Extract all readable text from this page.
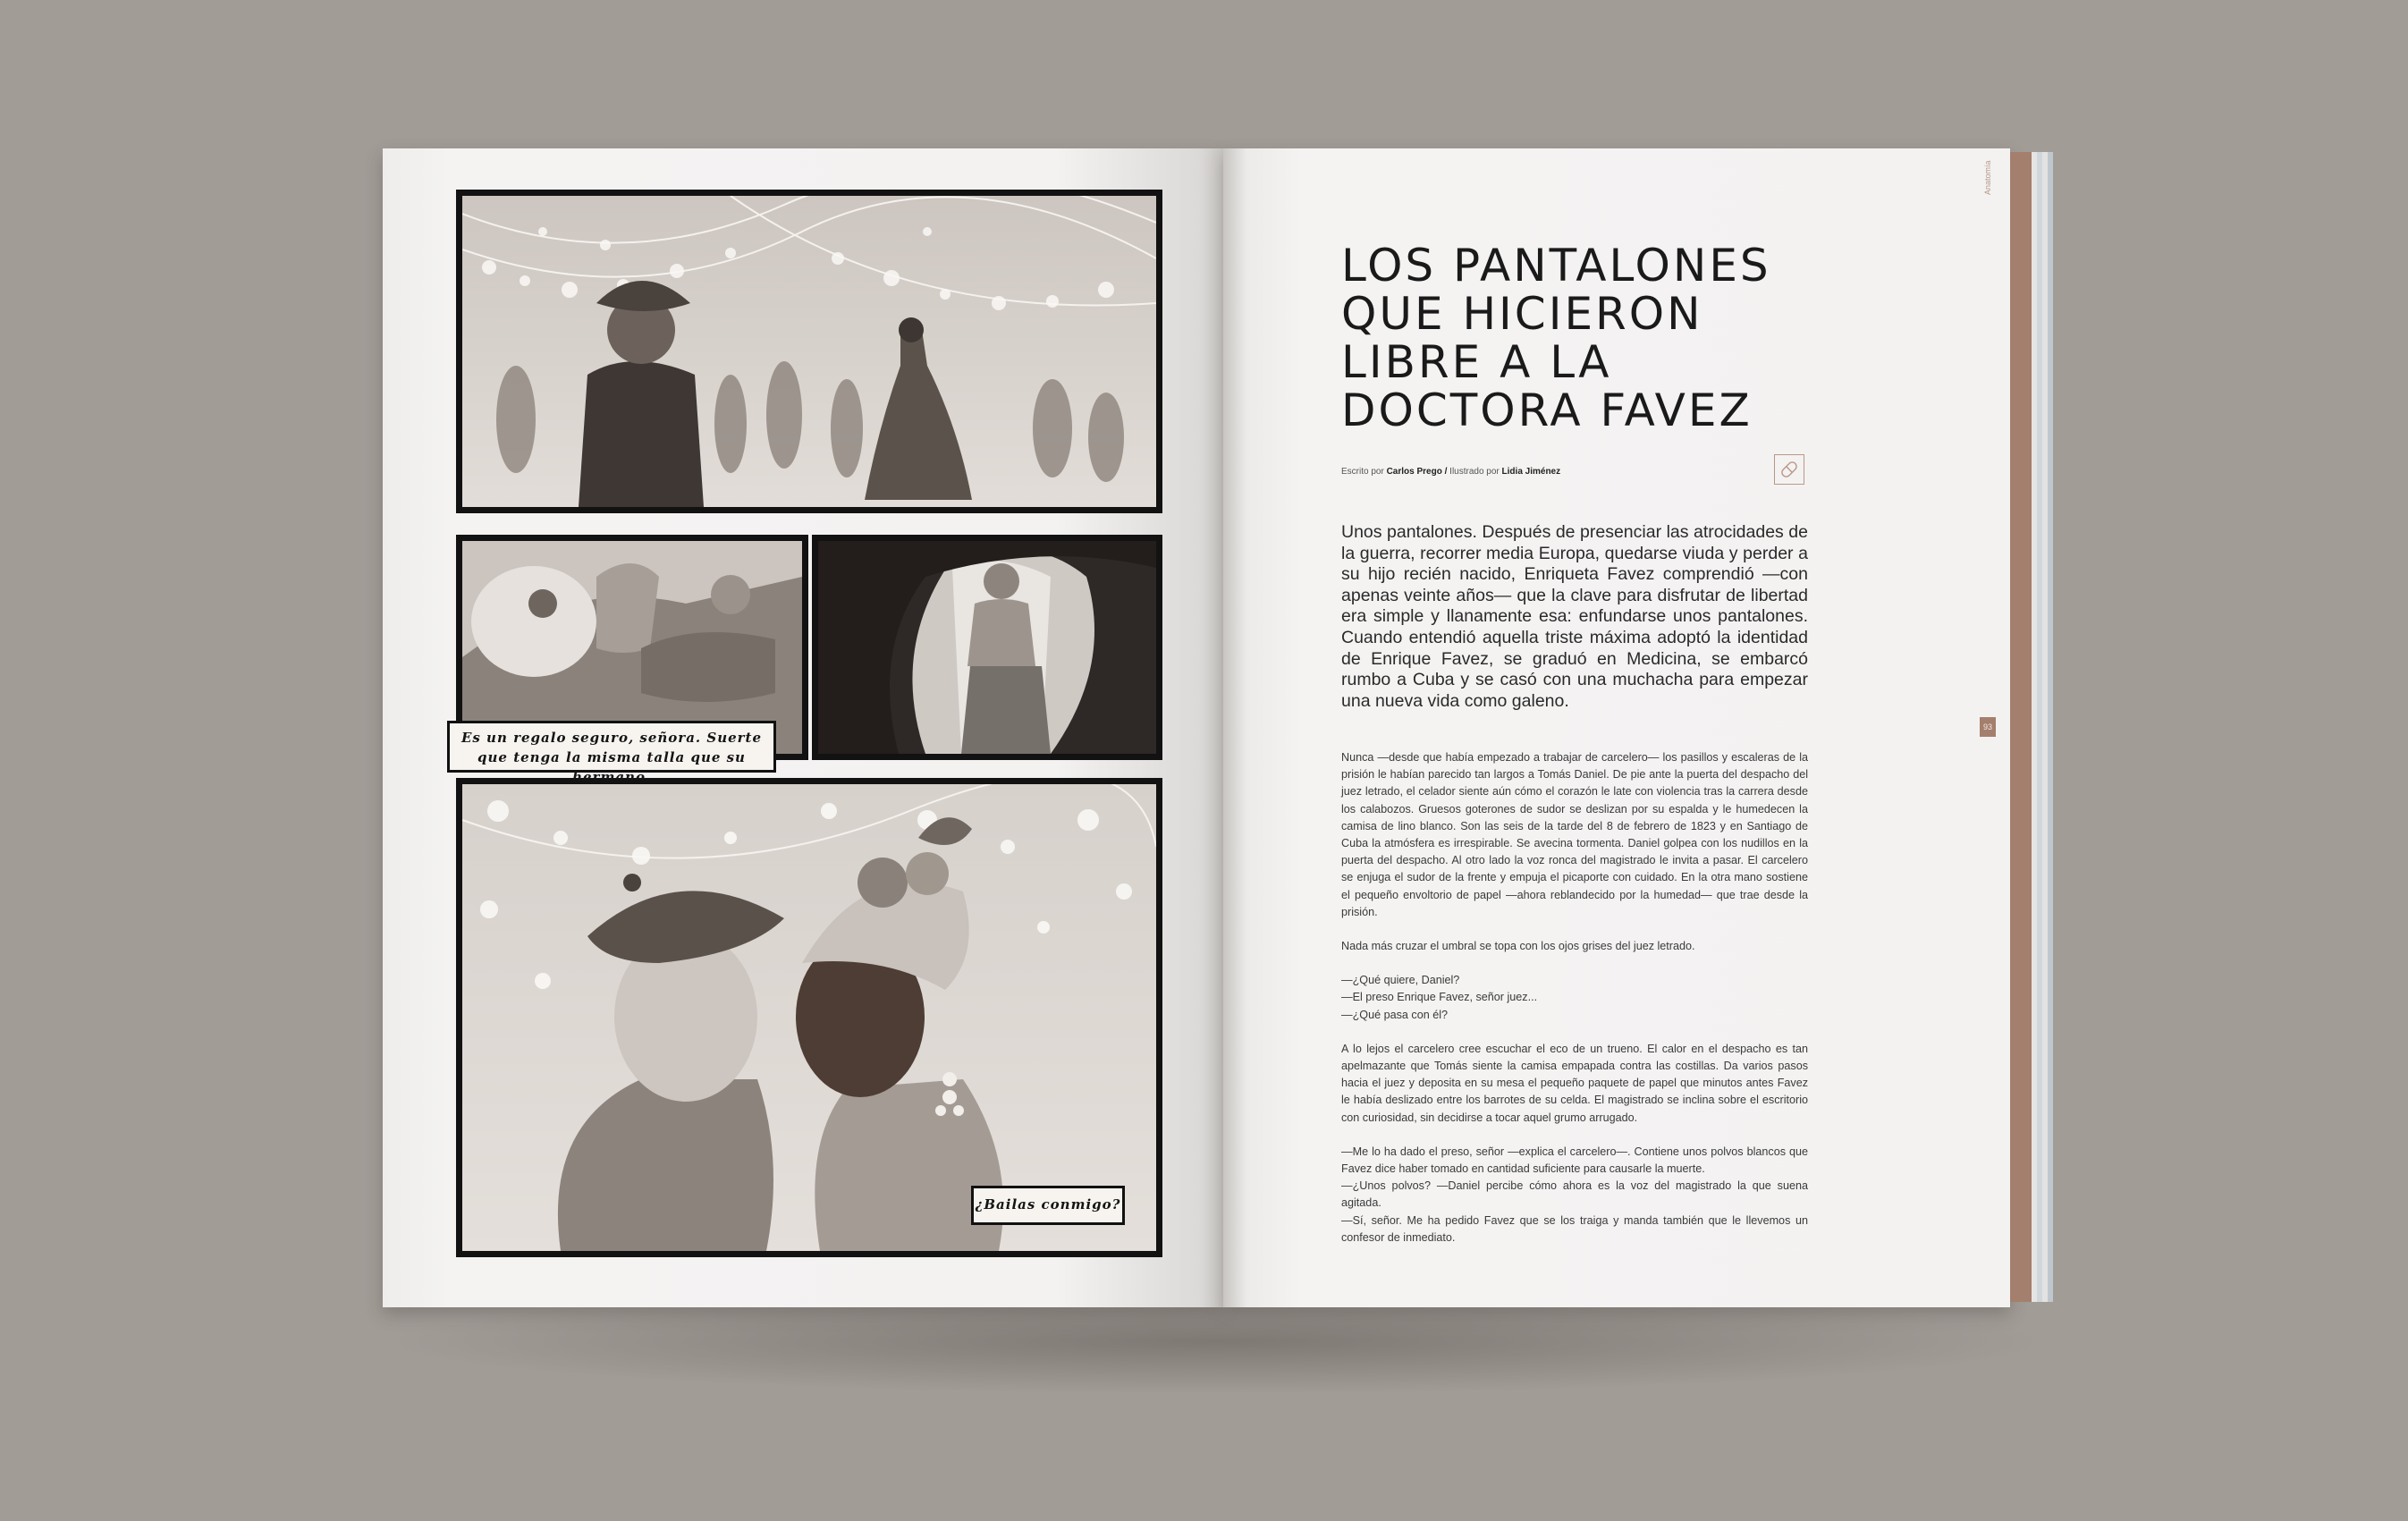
Es un regalo seguro, señora. Suerte que tenga la misma talla que su hermano.
¿Bailas conmigo?
Anatomía
93
LOS PANTALONES
QUE HICIERON
LIBRE A LA
DOCTORA FAVEZ
Escrito por Carlos Prego / Ilustrado por Lidia Jiménez
Unos pantalones. Después de presenciar las atrocidades de la guerra, recorrer media Europa, quedarse viuda y perder a su hijo recién nacido, Enriqueta Favez comprendió —con apenas veinte años— que la clave para disfrutar de libertad era simple y llanamente esa: enfundarse unos pantalones. Cuando entendió aquella triste máxima adoptó la identidad de Enrique Favez, se graduó en Medicina, se embarcó rumbo a Cuba y se casó con una muchacha para empezar una nueva vida como galeno.

Nunca —desde que había empezado a trabajar de carcelero— los pasillos y escaleras de la prisión le habían parecido tan largos a Tomás Daniel. De pie ante la puerta del despacho del juez letrado, el celador siente aún cómo el corazón le late con violencia tras la carrera desde los calabozos. Gruesos goterones de sudor se deslizan por su espalda y le humedecen la camisa de lino blanco. Son las seis de la tarde del 8 de febrero de 1823 y en Santiago de Cuba la atmósfera es irrespirable. Se avecina tormenta. Daniel golpea con los nudillos en la puerta del despacho. Al otro lado la voz ronca del magistrado le invita a pasar. El carcelero se enjuga el sudor de la frente y empuja el picaporte con cuidado. En la otra mano sostiene el pequeño envoltorio de papel —ahora reblandecido por la humedad— que trae desde la prisión.

Nada más cruzar el umbral se topa con los ojos grises del juez letrado.

—¿Qué quiere, Daniel?
—El preso Enrique Favez, señor juez...
—¿Qué pasa con él?

A lo lejos el carcelero cree escuchar el eco de un trueno. El calor en el despacho es tan apelmazante que Tomás siente la camisa empapada contra las costillas. Da varios pasos hacia el juez y deposita en su mesa el pequeño paquete de papel que minutos antes Favez le había deslizado entre los barrotes de su celda. El magistrado se inclina sobre el escritorio con curiosidad, sin decidirse a tocar aquel grumo arrugado.

—Me lo ha dado el preso, señor —explica el carcelero—. Contiene unos polvos blancos que Favez dice haber tomado en cantidad suficiente para causarle la muerte.
—¿Unos polvos? —Daniel percibe cómo ahora es la voz del magistrado la que suena agitada.
—Sí, señor. Me ha pedido Favez que se los traiga y manda también que le llevemos un confesor de inmediato.
